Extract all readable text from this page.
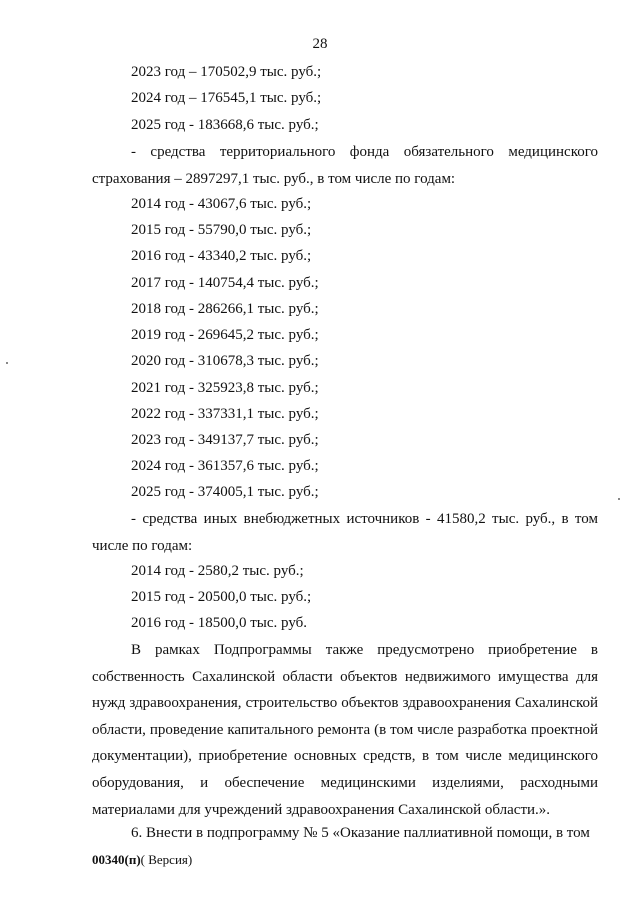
28
2023 год – 170502,9 тыс. руб.;
2024 год – 176545,1 тыс. руб.;
2025 год - 183668,6 тыс. руб.;
- средства территориального фонда обязательного медицинского страхования – 2897297,1 тыс. руб., в том числе по годам:
2014 год - 43067,6 тыс. руб.;
2015 год - 55790,0 тыс. руб.;
2016 год - 43340,2 тыс. руб.;
2017 год - 140754,4 тыс. руб.;
2018 год - 286266,1 тыс. руб.;
2019 год - 269645,2 тыс. руб.;
2020 год - 310678,3 тыс. руб.;
2021 год - 325923,8 тыс. руб.;
2022 год - 337331,1 тыс. руб.;
2023 год - 349137,7 тыс. руб.;
2024 год - 361357,6 тыс. руб.;
2025 год - 374005,1 тыс. руб.;
- средства иных внебюджетных источников - 41580,2 тыс. руб., в том числе по годам:
2014 год - 2580,2 тыс. руб.;
2015 год - 20500,0 тыс. руб.;
2016 год - 18500,0 тыс. руб.
В рамках Подпрограммы также предусмотрено приобретение в собственность Сахалинской области объектов недвижимого имущества для нужд здравоохранения, строительство объектов здравоохранения Сахалинской области, проведение капитального ремонта (в том числе разработка проектной документации), приобретение основных средств, в том числе медицинского оборудования, и обеспечение медицинскими изделиями, расходными материалами для учреждений здравоохранения Сахалинской области.».
6. Внести в подпрограмму № 5 «Оказание паллиативной помощи, в том
00340(п)( Версия)
